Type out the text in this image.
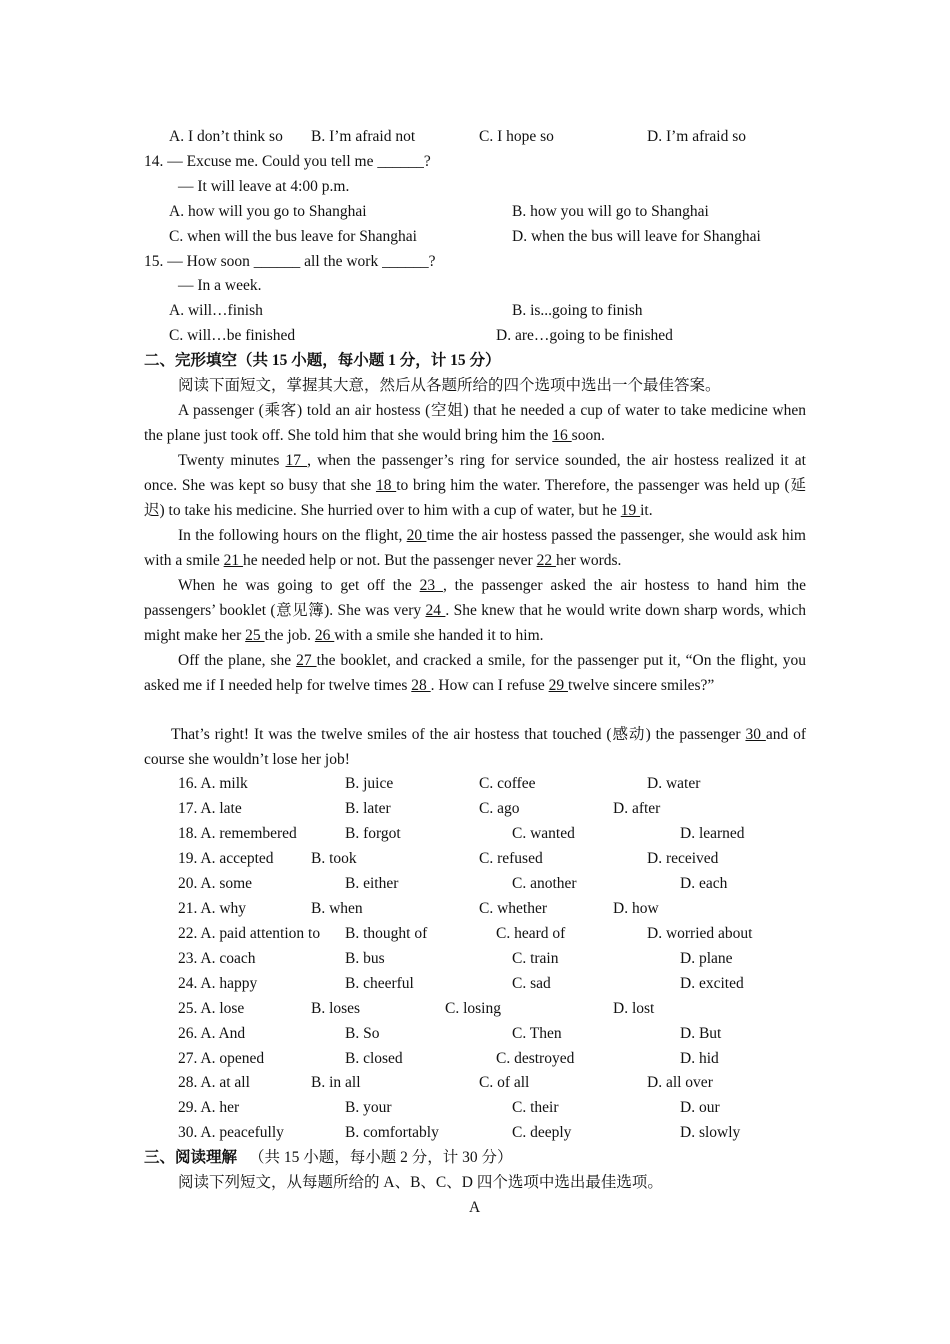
A. I don’t think so B. I’m afraid not	C. I hope so	D. I’m afraid so
14. — Excuse me. Could you tell me ______?
— It will leave at 4:00 p.m.
A. how will you go to Shanghai	B. how you will go to Shanghai
C. when will the bus leave for Shanghai	D. when the bus will leave for Shanghai
15. — How soon ______ all the work ______?
— In a week.
A. will…finish	B. is...going to finish
C. will…be finished	D. are…going to be finished
二、完形填空（共 15 小题，每小题 1 分，计 15 分）
阅读下面短文，掌握其大意，然后从各题所给的四个选项中选出一个最佳答案。
A passenger (乘客) told an air hostess (空姐) that he needed a cup of water to take medicine when the plane just took off. She told him that she would bring him the 16 soon.
Twenty minutes 17 , when the passenger’s ring for service sounded, the air hostess realized it at once. She was kept so busy that she 18 to bring him the water. Therefore, the passenger was held up (延迟) to take his medicine. She hurried over to him with a cup of water, but he 19 it.
In the following hours on the flight, 20 time the air hostess passed the passenger, she would ask him with a smile 21 he needed help or not. But the passenger never 22 her words.
When he was going to get off the 23 , the passenger asked the air hostess to hand him the passengers’ booklet (意见簿). She was very 24 . She knew that he would write down sharp words, which might make her 25 the job. 26 with a smile she handed it to him.
Off the plane, she 27 the booklet, and cracked a smile, for the passenger put it, “On the flight, you asked me if I needed help for twelve times 28 . How can I refuse 29 twelve sincere smiles?”
That’s right! It was the twelve smiles of the air hostess that touched (感动) the passenger 30 and of course she wouldn’t lose her job!
16. A. milk	B. juice	C. coffee	D. water
17. A. late	B. later	C. ago	D. after
18. A. remembered	B. forgot	C. wanted	D. learned
19. A. accepted B. took	C. refused	D. received
20. A. some	B. either	C. another	D. each
21. A. why	B. when	C. whether	D. how
22. A. paid attention to B. thought of	C. heard of	D. worried about
23. A. coach	B. bus	C. train	D. plane
24. A. happy	B. cheerful	C. sad	D. excited
25. A. lose	B. loses	C. losing	D. lost
26. A. And	B. So	C. Then	D. But
27. A. opened	B. closed	C. destroyed	D. hid
28. A. at all	B. in all	C. of all	D. all over
29. A. her	B. your	C. their	D. our
30. A. peacefully	B. comfortably	C. deeply	D. slowly
三、阅读理解 （共 15 小题，每小题 2 分，计 30 分）
阅读下列短文，从每题所给的 A、B、C、D 四个选项中选出最佳选项。
A
